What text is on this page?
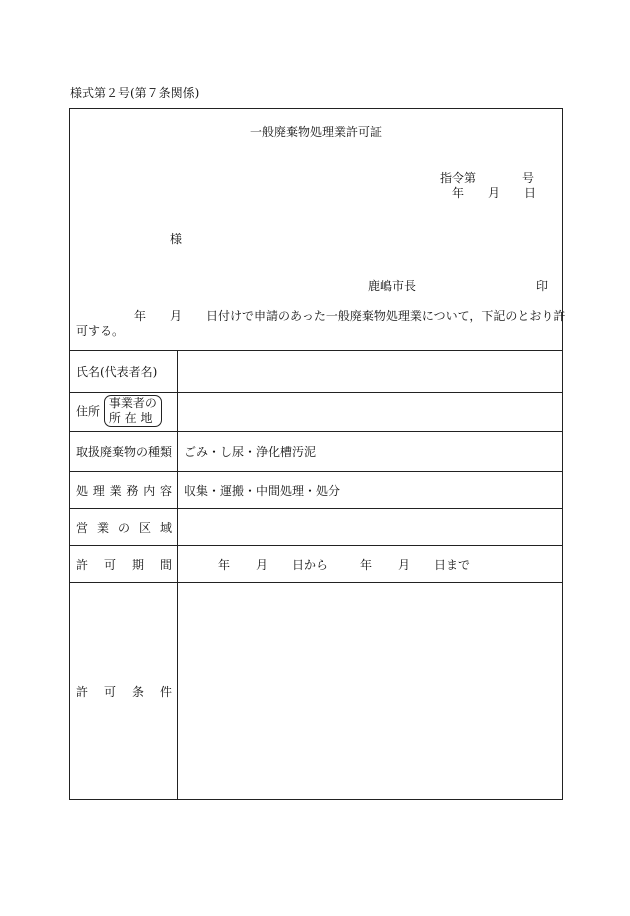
様式第２号(第７条関係)
一般廃棄物処理業許可証
指令第	号
年 月 日
様
鹿嶋市長	印
年 月 日付けで申請のあった一般廃棄物処理業について，下記のとおり許
可する。
氏名(代表者名)
住所
事業者の
所 在 地
取扱廃棄物の種類 ごみ・し尿・浄化槽汚泥
処理業務内容 収集・運搬・中間処理・処分
営業の区域
許可期間	年 月 日から	年 月 日まで
許可条件
